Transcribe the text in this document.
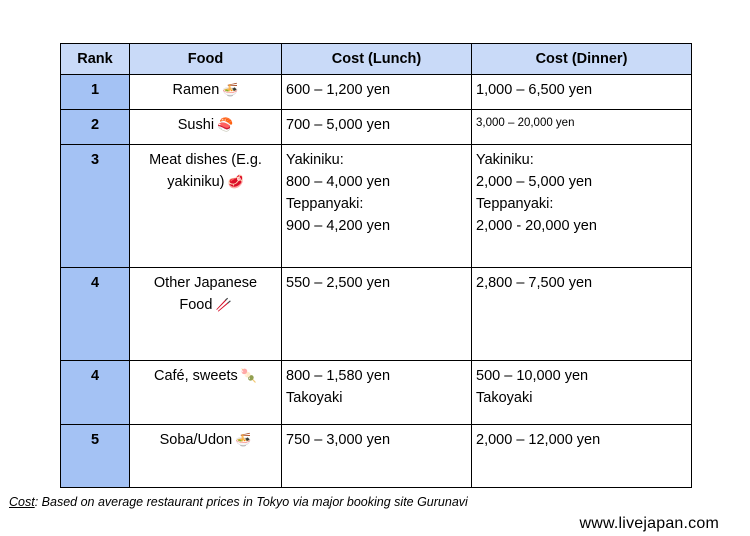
Rank	Food	Cost (Lunch)	Cost (Dinner)
1	Ramen 🍜	600 – 1,200 yen	1,000 – 6,500 yen

2	Sushi 🍣	700 – 5,000 yen	3,000 – 20,000 yen

3	Meat dishes (E.g.
yakiniku) 🥩	Yakiniku:
800 – 4,000 yen
Teppanyaki:
900 – 4,200 yen	Yakiniku:
2,000 – 5,000 yen
Teppanyaki:
2,000 - 20,000 yen

4	Other Japanese
Food 🥢	550 – 2,500 yen	2,800 – 7,500 yen

4	Café, sweets 🍡	800 – 1,580 yen
Takoyaki	500 – 10,000 yen
Takoyaki

5	Soba/Udon 🍜	750 – 3,000 yen	2,000 – 12,000 yen
Cost: Based on average restaurant prices in Tokyo via major booking site Gurunavi
www.livejapan.com
